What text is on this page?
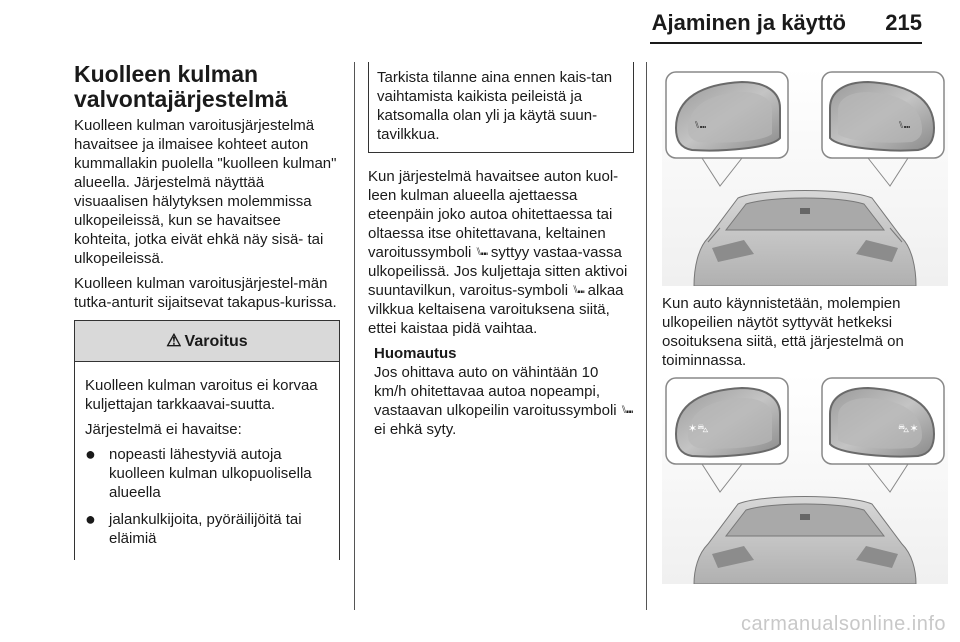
Ajaminen ja käyttö 215
Kuolleen kulman valvontajärjestelmä

Kuolleen kulman varoitusjärjestelmä havaitsee ja ilmaisee kohteet auton kummallakin puolella "kuolleen kulman" alueella. Järjestelmä näyttää visuaalisen hälytyksen molemmissa ulkopeileissä, kun se havaitsee kohteita, jotka eivät ehkä näy sisä- tai ulkopeileissä.

Kuolleen kulman varoitusjärjestel-män tutka-anturit sijaitsevat takapus-kurissa.

⚠ Varoitus

Kuolleen kulman varoitus ei korvaa kuljettajan tarkkaavai-suutta.

Järjestelmä ei havaitse:

● nopeasti lähestyviä autoja kuolleen kulman ulkopuolisella alueella
● jalankulkijoita, pyöräilijöitä tai eläimiä
Tarkista tilanne aina ennen kais-tan vaihtamista kaikista peileistä ja katsomalla olan yli ja käytä suun-tavilkkua.

Kun järjestelmä havaitsee auton kuol-leen kulman alueella ajettaessa eteenpäin joko autoa ohitettaessa tai oltaessa itse ohitettavana, keltainen varoitussymboli ⑊⑉ syttyy vastaa-vassa ulkopeilissä. Jos kuljettaja sitten aktivoi suuntavilkun, varoitus-symboli ⑊⑉ alkaa vilkkua keltaisena varoituksena siitä, ettei kaistaa pidä vaihtaa.

Huomautus
Jos ohittava auto on vähintään 10 km/h ohitettavaa autoa nopeampi, vastaavan ulkopeilin varoitussymboli ⑊⑉ ei ehkä syty.
⑊⑉	⑊⑉

Kun auto käynnistetään, molempien ulkopeilien näytöt syttyvät hetkeksi osoituksena siitä, että järjestelmä on toiminnassa.

✶⛍	⛍✶
carmanualsonline.info
